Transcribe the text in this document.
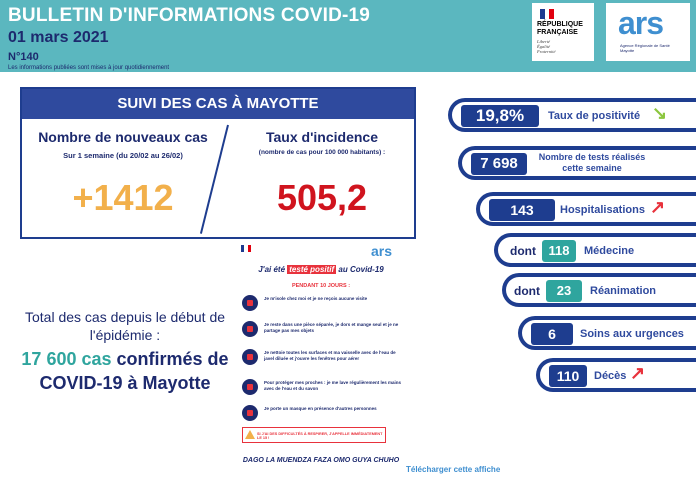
BULLETIN D'INFORMATIONS COVID-19
01 mars 2021
N°140
Les informations publiées sont mises à jour quotidiennement
RÉPUBLIQUE
FRANÇAISE
Liberté
Égalité
Fraternité
ars
Agence Régionale de Santé
Mayotte
SUIVI DES CAS À MAYOTTE
Nombre de nouveaux cas
Sur 1 semaine (du 20/02 au 26/02)
+1412
Taux d'incidence
(nombre de cas pour 100 000 habitants) :
505,2
Total des cas depuis le début de l'épidémie :
17 600 cas confirmés de
COVID-19 à Mayotte
ars
J'ai été testé positif au Covid-19
PENDANT 10 JOURS :
Je m'isole chez moi et je ne reçois aucune visite
Je reste dans une pièce séparée, je dors et mange seul et je ne partage pas mes objets
Je nettoie toutes les surfaces et ma vaisselle avec de l'eau de javel diluée et j'ouvre les fenêtres pour aérer
Pour protéger mes proches : je me lave régulièrement les mains avec de l'eau et du savon
Je porte un masque en présence d'autres personnes
SI J'AI DES DIFFICULTÉS À RESPIRER, J'APPELLE IMMÉDIATEMENT LE 15 !
DAGO LA MUENDZA FAZA OMO GUYA CHUHO
Télécharger cette affiche
19,8%	Taux de positivité ↘
7 698	Nombre de tests réalisés cette semaine
143	Hospitalisations ↗
dont 118	Médecine
dont	23	Réanimation
6	Soins aux urgences
110	Décès ↗
